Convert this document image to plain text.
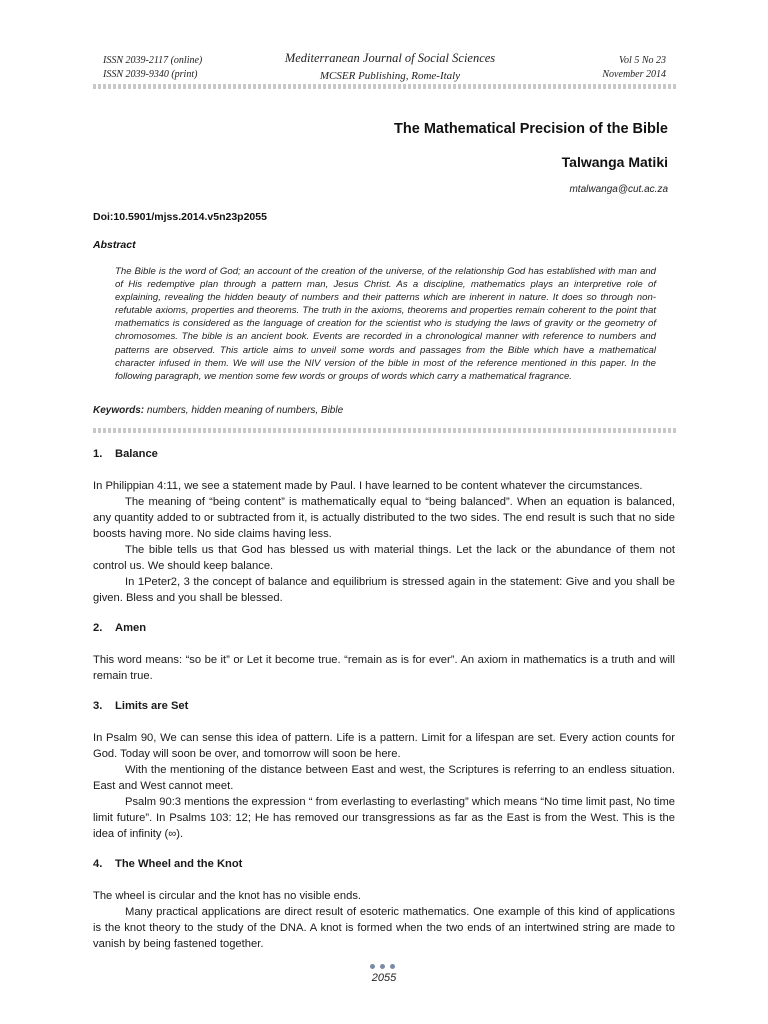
ISSN 2039-2117 (online)
ISSN 2039-9340 (print)
Mediterranean Journal of Social Sciences
MCSER Publishing, Rome-Italy
Vol 5 No 23
November 2014
The Mathematical Precision of the Bible
Talwanga Matiki
mtalwanga@cut.ac.za
Doi:10.5901/mjss.2014.v5n23p2055
Abstract
The Bible is the word of God; an account of the creation of the universe, of the relationship God has established with man and of His redemptive plan through a pattern man, Jesus Christ. As a discipline, mathematics plays an interpretive role of explaining, revealing the hidden beauty of numbers and their patterns which are inherent in nature. It does so through non-refutable axioms, properties and theorems. The truth in the axioms, theorems and properties remain coherent to the point that mathematics is considered as the language of creation for the scientist who is studying the laws of gravity or the geometry of chromosomes. The bible is an ancient book. Events are recorded in a chronological manner with reference to numbers and patterns are observed. This article aims to unveil some words and passages from the Bible which have a mathematical character infused in them. We will use the NIV version of the bible in most of the reference mentioned in this paper. In the following paragraph, we mention some few words or groups of words which carry a mathematical fragrance.
Keywords: numbers, hidden meaning of numbers, Bible
1. Balance

In Philippian 4:11, we see a statement made by Paul. I have learned to be content whatever the circumstances.

The meaning of “being content” is mathematically equal to “being balanced”. When an equation is balanced, any quantity added to or subtracted from it, is actually distributed to the two sides. The end result is such that no side boosts having more. No side claims having less.

The bible tells us that God has blessed us with material things. Let the lack or the abundance of them not control us. We should keep balance.

In 1Peter2, 3 the concept of balance and equilibrium is stressed again in the statement: Give and you shall be given. Bless and you shall be blessed.

2. Amen

This word means: “so be it” or Let it become true. “remain as is for ever”. An axiom in mathematics is a truth and will remain true.

3. Limits are Set

In Psalm 90, We can sense this idea of pattern. Life is a pattern. Limit for a lifespan are set. Every action counts for God. Today will soon be over, and tomorrow will soon be here.

With the mentioning of the distance between East and west, the Scriptures is referring to an endless situation. East and West cannot meet.

Psalm 90:3 mentions the expression “ from everlasting to everlasting” which means “No time limit past, No time limit future”. In Psalms 103: 12; He has removed our transgressions as far as the East is from the West. This is the idea of infinity (∞).

4. The Wheel and the Knot

The wheel is circular and the knot has no visible ends.

Many practical applications are direct result of esoteric mathematics. One example of this kind of applications is the knot theory to the study of the DNA. A knot is formed when the two ends of an intertwined string are made to vanish by being fastened together.

2055
